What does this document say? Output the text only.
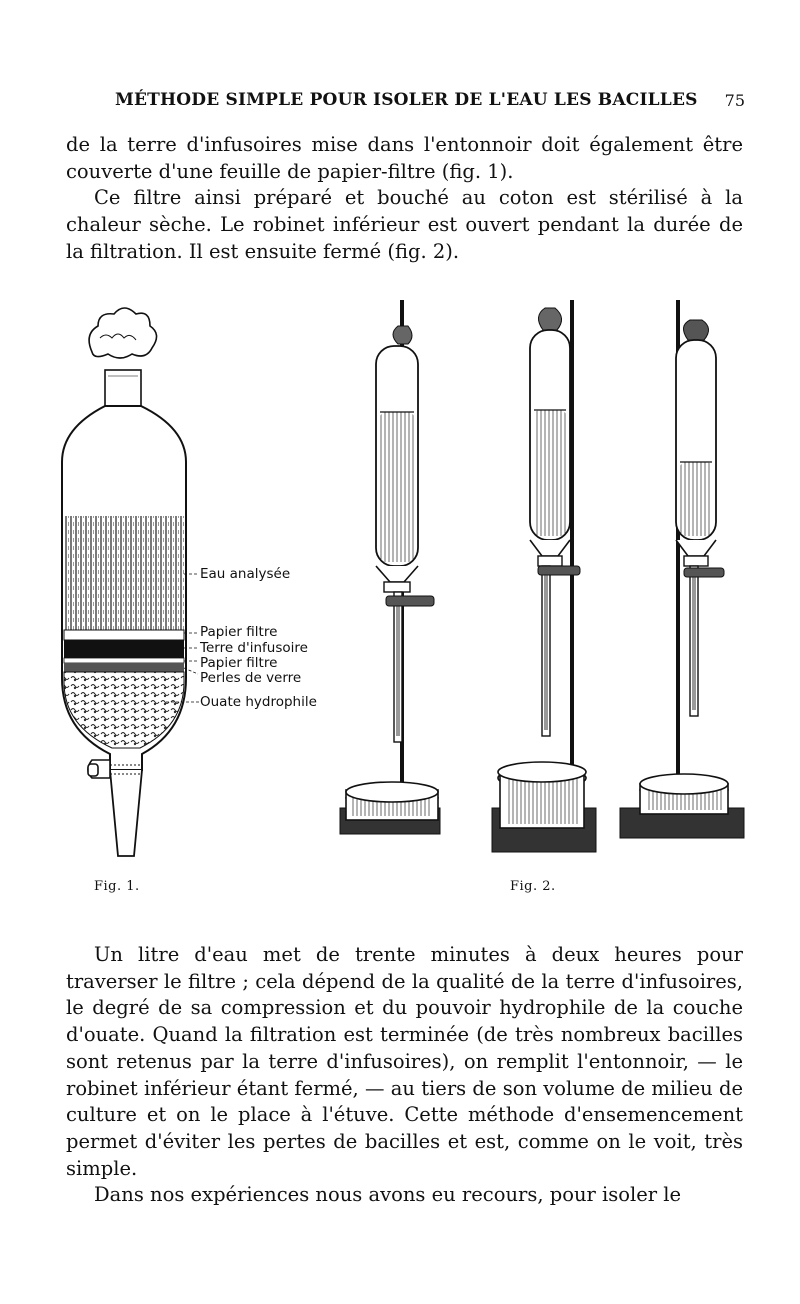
MÉTHODE SIMPLE POUR ISOLER DE L'EAU LES BACILLES 75
de la terre d'infusoires mise dans l'entonnoir doit également être couverte d'une feuille de papier-filtre (fig. 1).
Ce filtre ainsi préparé et bouché au coton est stérilisé à la chaleur sèche. Le robinet inférieur est ouvert pendant la durée de la filtration. Il est ensuite fermé (fig. 2).
Eau analysée
Papier filtre
Terre d'infusoire
Papier filtre
Perles de verre
Ouate hydrophile
Fig. 1.	Fig. 2.
Un litre d'eau met de trente minutes à deux heures pour traverser le filtre ; cela dépend de la qualité de la terre d'infusoires, le degré de sa compression et du pouvoir hydrophile de la couche d'ouate. Quand la filtration est terminée (de très nombreux bacilles sont retenus par la terre d'infusoires), on remplit l'entonnoir, — le robinet inférieur étant fermé, — au tiers de son volume de milieu de culture et on le place à l'étuve. Cette méthode d'ensemencement permet d'éviter les pertes de bacilles et est, comme on le voit, très simple.
Dans nos expériences nous avons eu recours, pour isoler le
